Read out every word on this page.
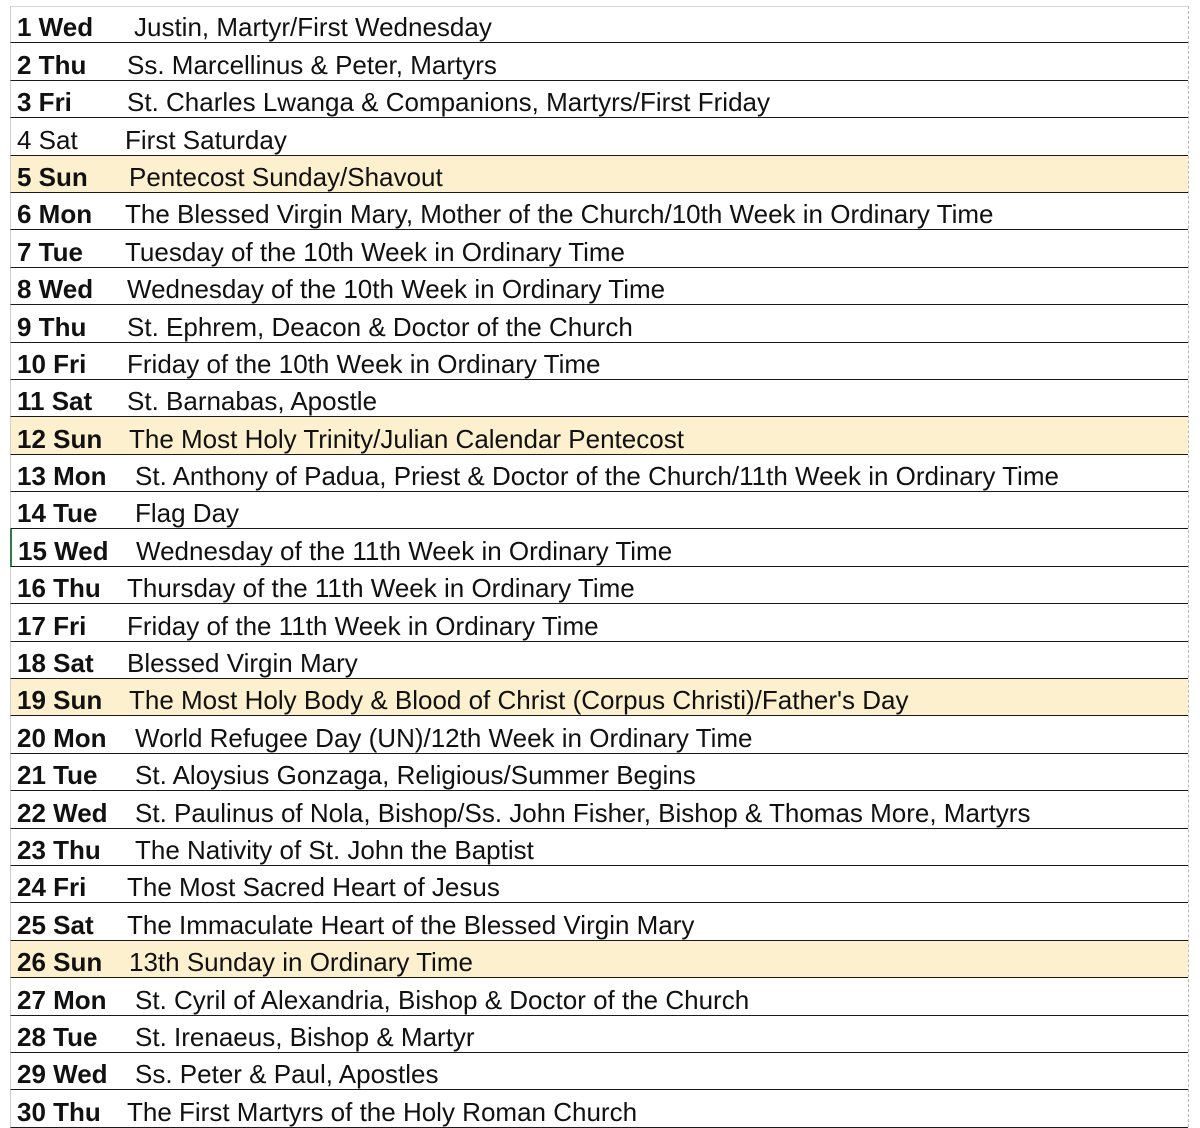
1 Wed	Justin, Martyr/First Wednesday
2 Thu	Ss. Marcellinus & Peter, Martyrs
3 Fri	St. Charles Lwanga & Companions, Martyrs/First Friday
4 Sat	First Saturday
5 Sun	Pentecost Sunday/Shavout
6 Mon	The Blessed Virgin Mary, Mother of the Church/10th Week in Ordinary Time
7 Tue	Tuesday of the 10th Week in Ordinary Time
8 Wed	Wednesday of the 10th Week in Ordinary Time
9 Thu	St. Ephrem, Deacon & Doctor of the Church
10 Fri	Friday of the 10th Week in Ordinary Time
11 Sat	St. Barnabas, Apostle
12 Sun	The Most Holy Trinity/Julian Calendar Pentecost
13 Mon	St. Anthony of Padua, Priest & Doctor of the Church/11th Week in Ordinary Time
14 Tue	Flag Day
15 Wed	Wednesday of the 11th Week in Ordinary Time
16 Thu	Thursday of the 11th Week in Ordinary Time
17 Fri	Friday of the 11th Week in Ordinary Time
18 Sat	Blessed Virgin Mary
19 Sun	The Most Holy Body & Blood of Christ (Corpus Christi)/Father's Day
20 Mon	World Refugee Day (UN)/12th Week in Ordinary Time
21 Tue	St. Aloysius Gonzaga, Religious/Summer Begins
22 Wed	St. Paulinus of Nola, Bishop/Ss. John Fisher, Bishop & Thomas More, Martyrs
23 Thu	The Nativity of St. John the Baptist
24 Fri	The Most Sacred Heart of Jesus
25 Sat	The Immaculate Heart of the Blessed Virgin Mary
26 Sun	13th Sunday in Ordinary Time
27 Mon	St. Cyril of Alexandria, Bishop & Doctor of the Church
28 Tue	St. Irenaeus, Bishop & Martyr
29 Wed	Ss. Peter & Paul, Apostles
30 Thu	The First Martyrs of the Holy Roman Church
